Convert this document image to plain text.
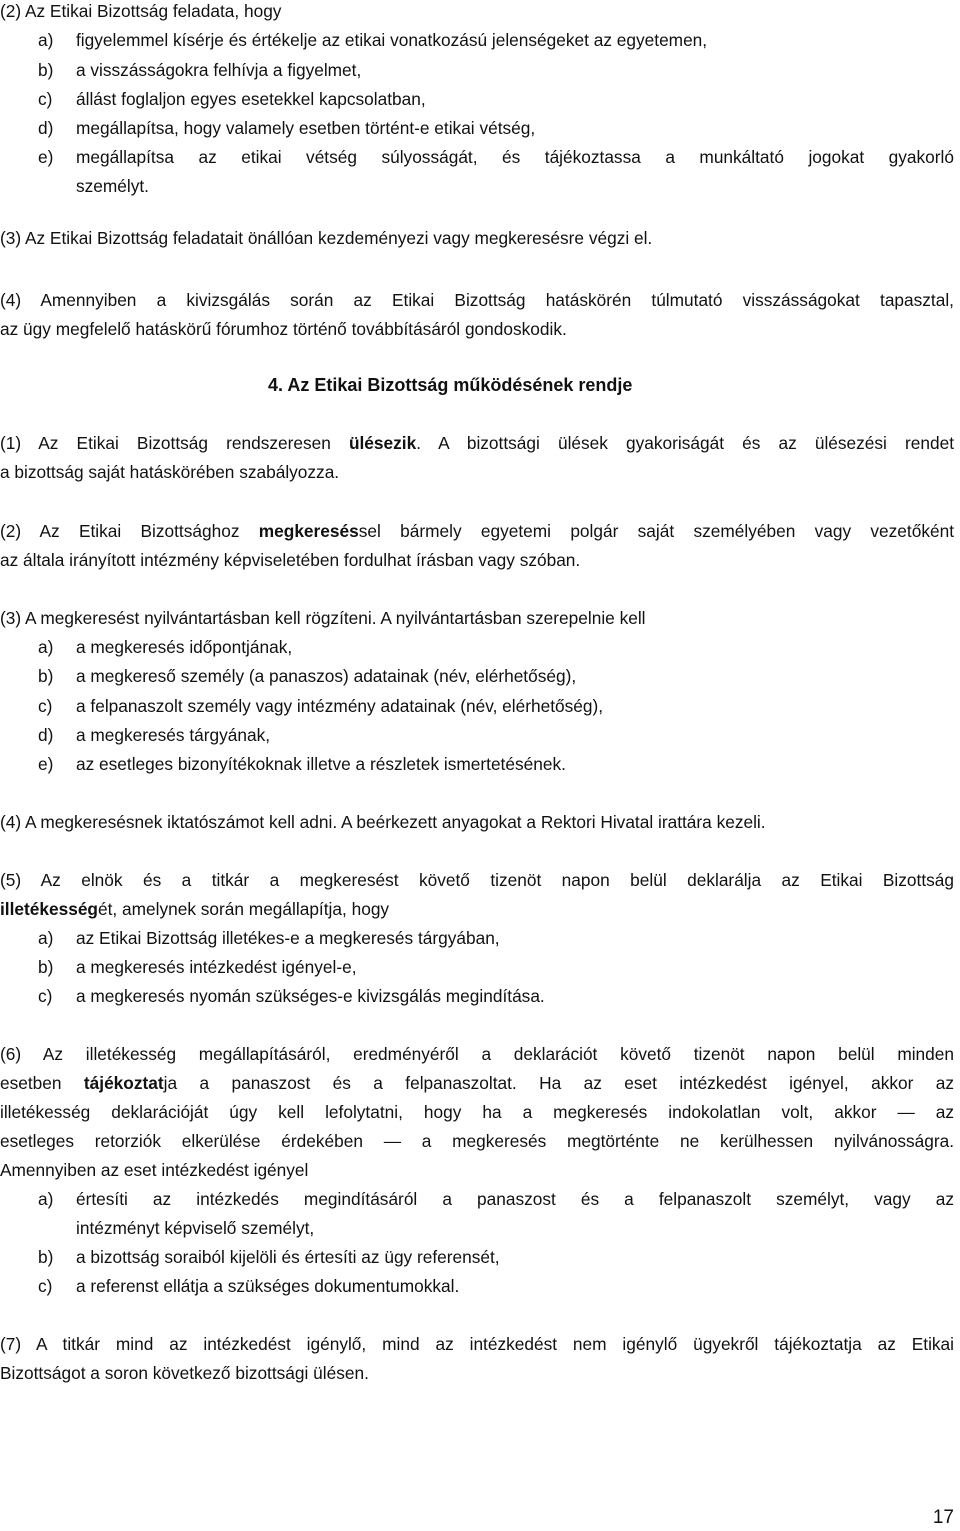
(2) Az Etikai Bizottság feladata, hogy
a) figyelemmel kísérje és értékelje az etikai vonatkozású jelenségeket az egyetemen,
b) a visszásságokra felhívja a figyelmet,
c) állást foglaljon egyes esetekkel kapcsolatban,
d) megállapítsa, hogy valamely esetben történt-e etikai vétség,
e) megállapítsa az etikai vétség súlyosságát, és tájékoztassa a munkáltató jogokat gyakorló
személyt.
(3) Az Etikai Bizottság feladatait önállóan kezdeményezi vagy megkeresésre végzi el.
(4) Amennyiben a kivizsgálás során az Etikai Bizottság hatáskörén túlmutató visszásságokat tapasztal,
az ügy megfelelő hatáskörű fórumhoz történő továbbításáról gondoskodik.
4. Az Etikai Bizottság működésének rendje
(1) Az Etikai Bizottság rendszeresen ülésezik. A bizottsági ülések gyakoriságát és az ülésezési rendet
a bizottság saját hatáskörében szabályozza.
(2) Az Etikai Bizottsághoz megkereséssel bármely egyetemi polgár saját személyében vagy vezetőként
az általa irányított intézmény képviseletében fordulhat írásban vagy szóban.
(3) A megkeresést nyilvántartásban kell rögzíteni. A nyilvántartásban szerepelnie kell
a) a megkeresés időpontjának,
b) a megkereső személy (a panaszos) adatainak (név, elérhetőség),
c) a felpanaszolt személy vagy intézmény adatainak (név, elérhetőség),
d) a megkeresés tárgyának,
e) az esetleges bizonyítékoknak illetve a részletek ismertetésének.
(4) A megkeresésnek iktatószámot kell adni. A beérkezett anyagokat a Rektori Hivatal irattára kezeli.
(5) Az elnök és a titkár a megkeresést követő tizenöt napon belül deklarálja az Etikai Bizottság
illetékességét, amelynek során megállapítja, hogy
a) az Etikai Bizottság illetékes-e a megkeresés tárgyában,
b) a megkeresés intézkedést igényel-e,
c) a megkeresés nyomán szükséges-e kivizsgálás megindítása.
(6) Az illetékesség megállapításáról, eredményéről a deklarációt követő tizenöt napon belül minden
esetben tájékoztatja a panaszost és a felpanaszoltat. Ha az eset intézkedést igényel, akkor az
illetékesség deklarációját úgy kell lefolytatni, hogy ha a megkeresés indokolatlan volt, akkor — az
esetleges retorziók elkerülése érdekében — a megkeresés megtörténte ne kerülhessen nyilvánosságra.
Amennyiben az eset intézkedést igényel
a) értesíti az intézkedés megindításáról a panaszost és a felpanaszolt személyt, vagy az
intézményt képviselő személyt,
b) a bizottság soraiból kijelöli és értesíti az ügy referensét,
c) a referenst ellátja a szükséges dokumentumokkal.
(7) A titkár mind az intézkedést igénylő, mind az intézkedést nem igénylő ügyekről tájékoztatja az Etikai
Bizottságot a soron következő bizottsági ülésen.
17
